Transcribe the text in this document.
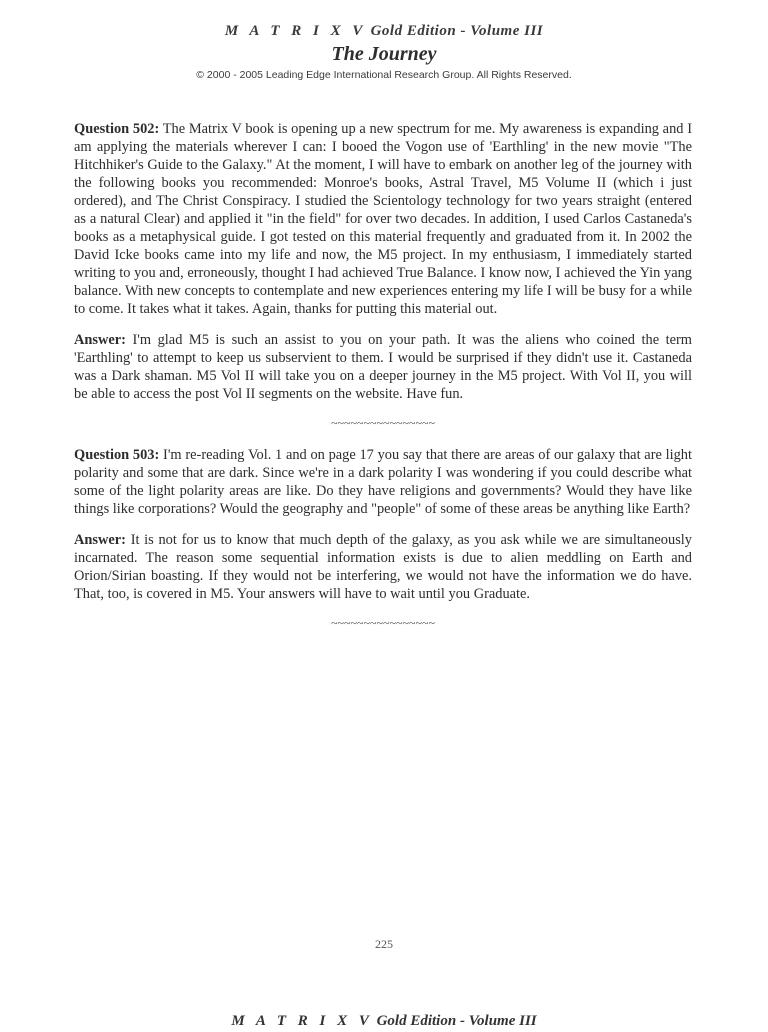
M A T R I X V Gold Edition - Volume III
The Journey
© 2000 - 2005 Leading Edge International Research Group. All Rights Reserved.

Question 502: The Matrix V book is opening up a new spectrum for me. My awareness is expanding and I am applying the materials wherever I can: I booed the Vogon use of 'Earthling' in the new movie "The Hitchhiker's Guide to the Galaxy." At the moment, I will have to embark on another leg of the journey with the following books you recommended: Monroe's books, Astral Travel, M5 Volume II (which i just ordered), and The Christ Conspiracy. I studied the Scientology technology for two years straight (entered as a natural Clear) and applied it "in the field" for over two decades. In addition, I used Carlos Castaneda's books as a metaphysical guide. I got tested on this material frequently and graduated from it. In 2002 the David Icke books came into my life and now, the M5 project. In my enthusiasm, I immediately started writing to you and, erroneously, thought I had achieved True Balance. I know now, I achieved the Yin yang balance. With new concepts to contemplate and new experiences entering my life I will be busy for a while to come. It takes what it takes. Again, thanks for putting this material out.

Answer: I'm glad M5 is such an assist to you on your path. It was the aliens who coined the term 'Earthling' to attempt to keep us subservient to them. I would be surprised if they didn't use it. Castaneda was a Dark shaman. M5 Vol II will take you on a deeper journey in the M5 project. With Vol II, you will be able to access the post Vol II segments on the website. Have fun.

~~~~~~~~~~~~~~~~

Question 503: I'm re-reading Vol. 1 and on page 17 you say that there are areas of our galaxy that are light polarity and some that are dark. Since we're in a dark polarity I was wondering if you could describe what some of the light polarity areas are like. Do they have religions and governments? Would they have like things like corporations? Would the geography and "people" of some of these areas be anything like Earth?

Answer: It is not for us to know that much depth of the galaxy, as you ask while we are simultaneously incarnated. The reason some sequential information exists is due to alien meddling on Earth and Orion/Sirian boasting. If they would not be interfering, we would not have the information we do have. That, too, is covered in M5. Your answers will have to wait until you Graduate.

~~~~~~~~~~~~~~~~
225
M A T R I X V Gold Edition - Volume III
